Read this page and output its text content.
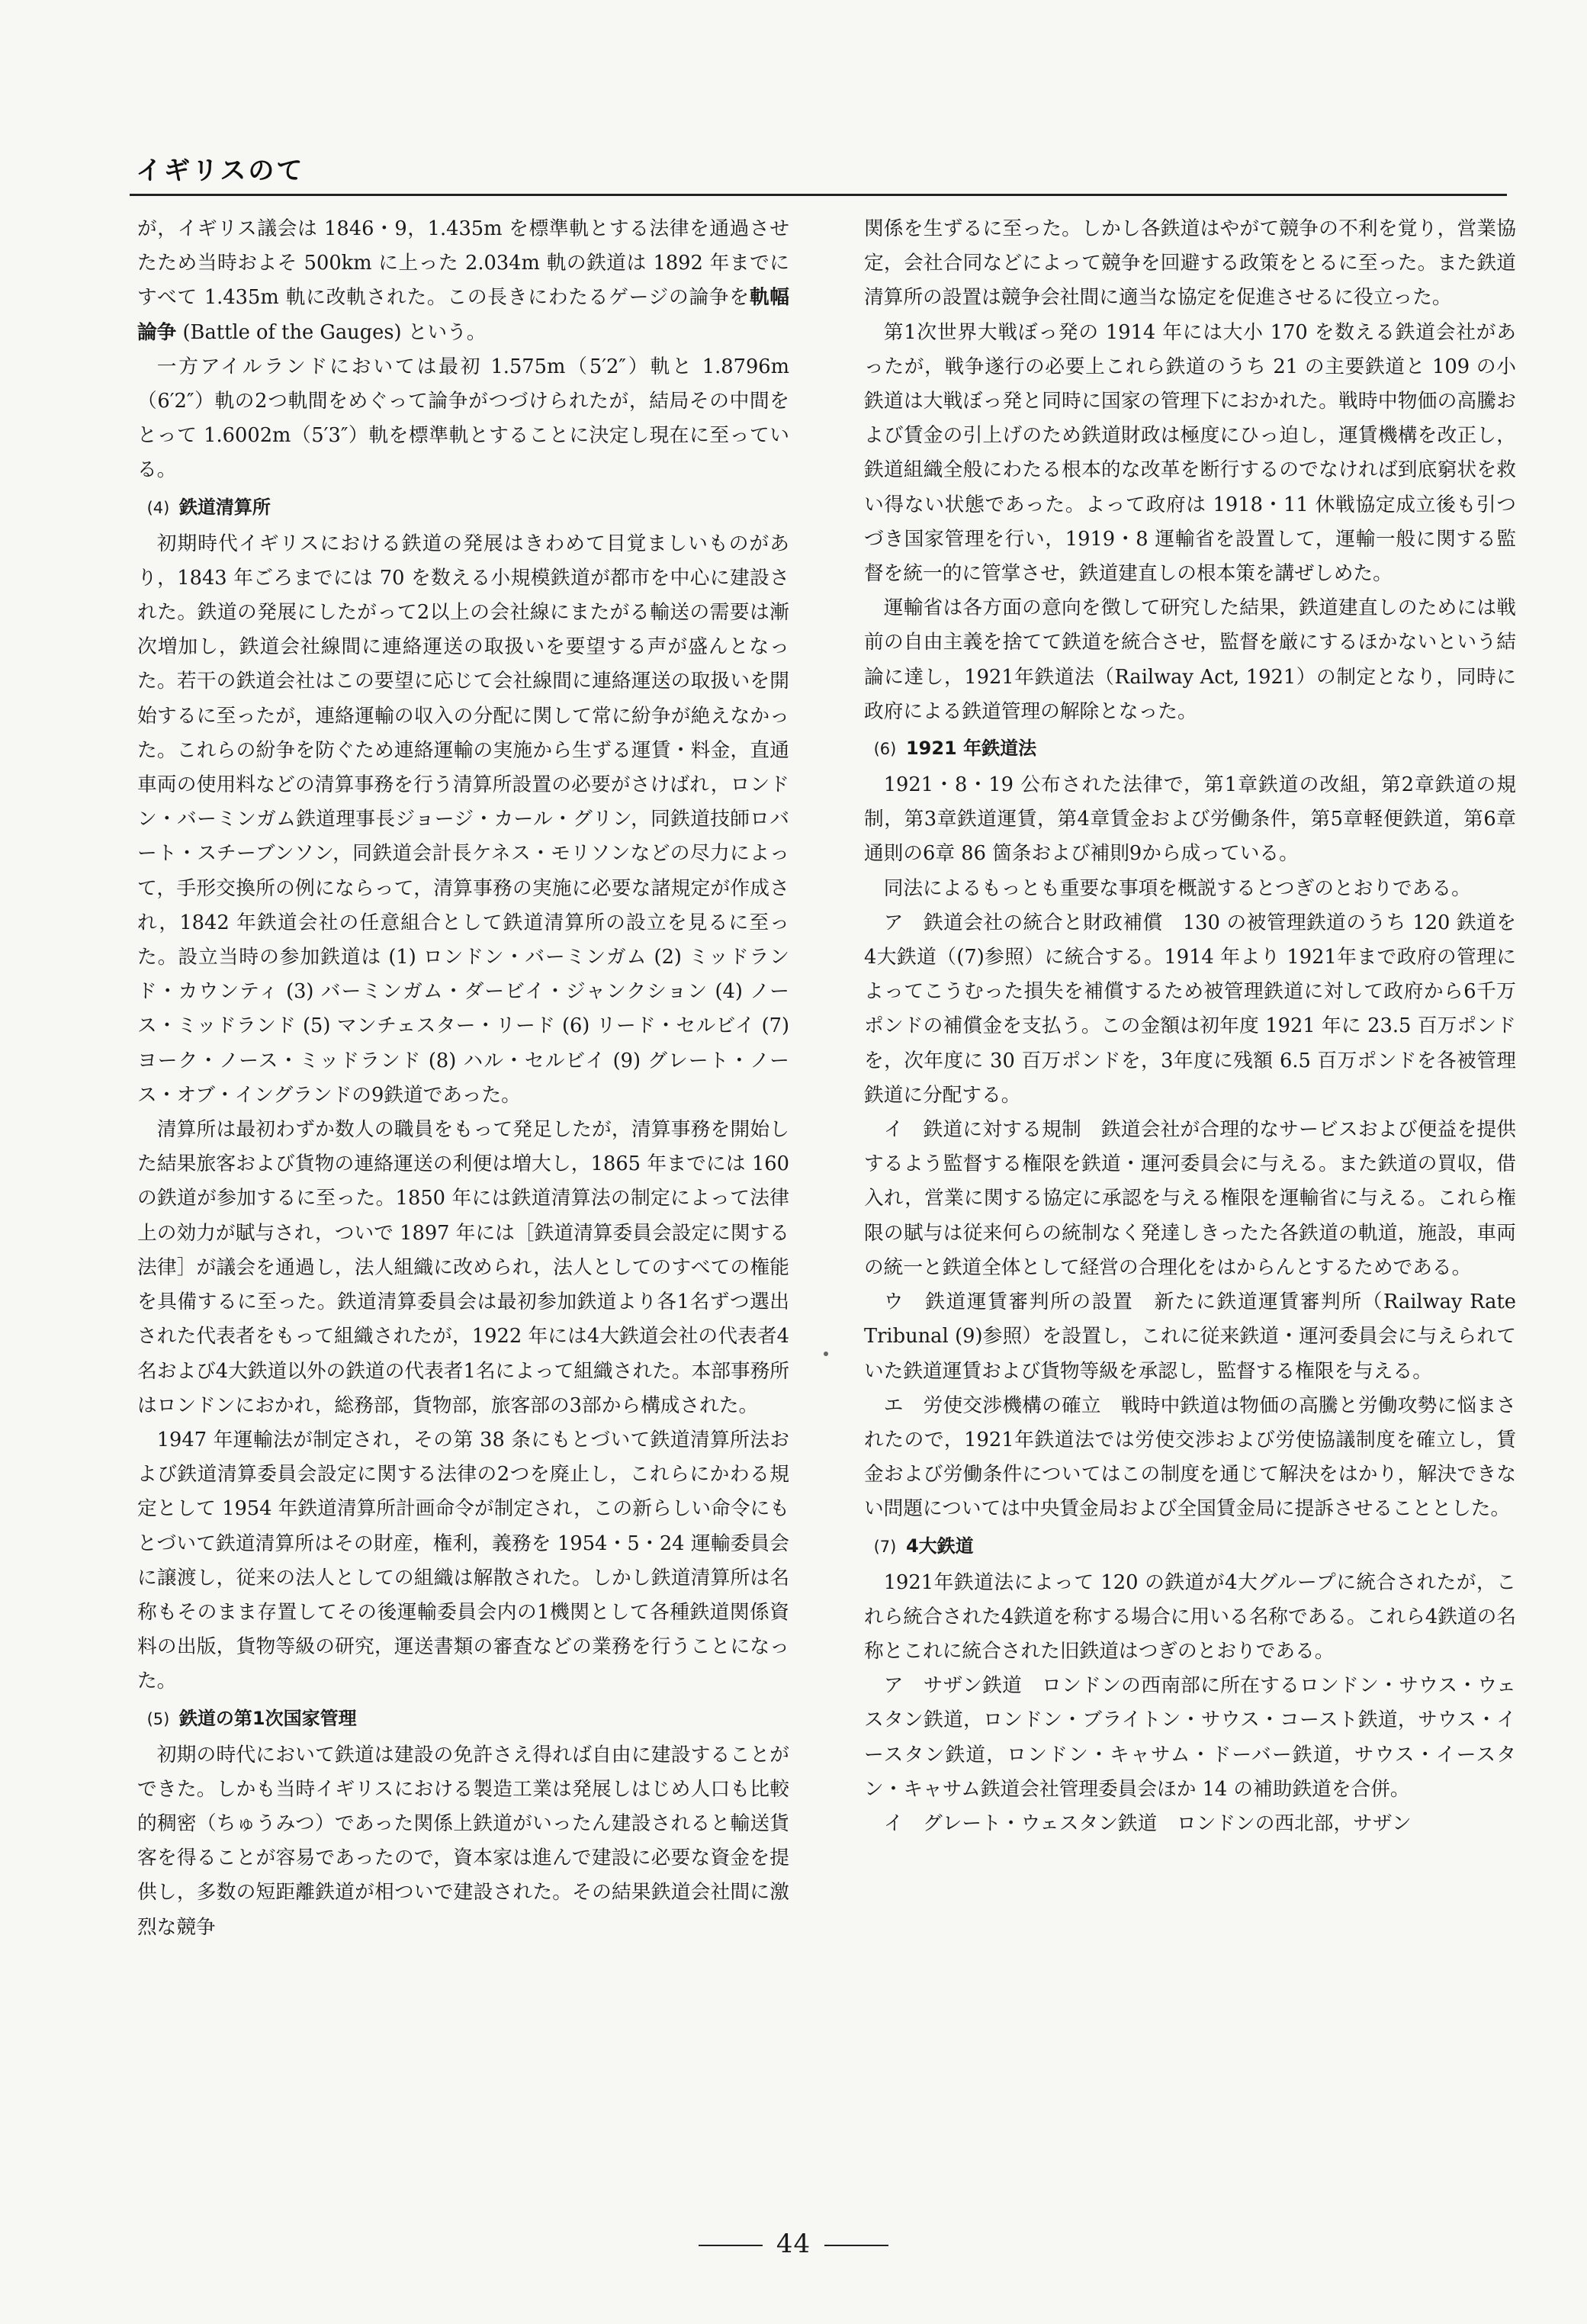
イギリスのて

が，イギリス議会は 1846・9，1.435m を標準軌とする法律を通過させたため当時およそ 500km に上った 2.034m 軌の鉄道は 1892 年までにすべて 1.435m 軌に改軌された。この長きにわたるゲージの論争を軌幅論争 (Battle of the Gauges) という。

一方アイルランドにおいては最初 1.575m（5′2″）軌と 1.8796m（6′2″）軌の2つ軌間をめぐって論争がつづけられたが，結局その中間をとって 1.6002m（5′3″）軌を標準軌とすることに決定し現在に至っている。

(4) 鉄道清算所

初期時代イギリスにおける鉄道の発展はきわめて目覚ましいものがあり，1843 年ごろまでには 70 を数える小規模鉄道が都市を中心に建設された。鉄道の発展にしたがって2以上の会社線にまたがる輸送の需要は漸次増加し，鉄道会社線間に連絡運送の取扱いを要望する声が盛んとなった。若干の鉄道会社はこの要望に応じて会社線間に連絡運送の取扱いを開始するに至ったが，連絡運輸の収入の分配に関して常に紛争が絶えなかった。これらの紛争を防ぐため連絡運輸の実施から生ずる運賃・料金，直通車両の使用料などの清算事務を行う清算所設置の必要がさけばれ，ロンドン・バーミンガム鉄道理事長ジョージ・カール・グリン，同鉄道技師ロバート・スチーブンソン，同鉄道会計長ケネス・モリソンなどの尽力によって，手形交換所の例にならって，清算事務の実施に必要な諸規定が作成され，1842 年鉄道会社の任意組合として鉄道清算所の設立を見るに至った。設立当時の参加鉄道は (1) ロンドン・バーミンガム (2) ミッドランド・カウンティ (3) バーミンガム・ダービイ・ジャンクション (4) ノース・ミッドランド (5) マンチェスター・リード (6) リード・セルビイ (7) ヨーク・ノース・ミッドランド (8) ハル・セルビイ (9) グレート・ノース・オブ・イングランドの9鉄道であった。

清算所は最初わずか数人の職員をもって発足したが，清算事務を開始した結果旅客および貨物の連絡運送の利便は増大し，1865 年までには 160 の鉄道が参加するに至った。1850 年には鉄道清算法の制定によって法律上の効力が賦与され，ついで 1897 年には［鉄道清算委員会設定に関する法律］が議会を通過し，法人組織に改められ，法人としてのすべての権能を具備するに至った。鉄道清算委員会は最初参加鉄道より各1名ずつ選出された代表者をもって組織されたが，1922 年には4大鉄道会社の代表者4名および4大鉄道以外の鉄道の代表者1名によって組織された。本部事務所はロンドンにおかれ，総務部，貨物部，旅客部の3部から構成された。

1947 年運輸法が制定され，その第 38 条にもとづいて鉄道清算所法および鉄道清算委員会設定に関する法律の2つを廃止し，これらにかわる規定として 1954 年鉄道清算所計画命令が制定され，この新らしい命令にもとづいて鉄道清算所はその財産，権利，義務を 1954・5・24 運輸委員会に譲渡し，従来の法人としての組織は解散された。しかし鉄道清算所は名称もそのまま存置してその後運輸委員会内の1機関として各種鉄道関係資料の出版，貨物等級の研究，運送書類の審査などの業務を行うことになった。

(5) 鉄道の第1次国家管理

初期の時代において鉄道は建設の免許さえ得れば自由に建設することができた。しかも当時イギリスにおける製造工業は発展しはじめ人口も比較的稠密（ちゅうみつ）であった関係上鉄道がいったん建設されると輸送貨客を得ることが容易であったので，資本家は進んで建設に必要な資金を提供し，多数の短距離鉄道が相ついで建設された。その結果鉄道会社間に激烈な競争

関係を生ずるに至った。しかし各鉄道はやがて競争の不利を覚り，営業協定，会社合同などによって競争を回避する政策をとるに至った。また鉄道清算所の設置は競争会社間に適当な協定を促進させるに役立った。

第1次世界大戦ぼっ発の 1914 年には大小 170 を数える鉄道会社があったが，戦争遂行の必要上これら鉄道のうち 21 の主要鉄道と 109 の小鉄道は大戦ぼっ発と同時に国家の管理下におかれた。戦時中物価の高騰および賃金の引上げのため鉄道財政は極度にひっ迫し，運賃機構を改正し，鉄道組織全般にわたる根本的な改革を断行するのでなければ到底窮状を救い得ない状態であった。よって政府は 1918・11 休戦協定成立後も引つづき国家管理を行い，1919・8 運輸省を設置して，運輸一般に関する監督を統一的に管掌させ，鉄道建直しの根本策を講ぜしめた。

運輸省は各方面の意向を徴して研究した結果，鉄道建直しのためには戦前の自由主義を捨てて鉄道を統合させ，監督を厳にするほかないという結論に達し，1921年鉄道法（Railway Act, 1921）の制定となり，同時に政府による鉄道管理の解除となった。

(6) 1921 年鉄道法

1921・8・19 公布された法律で，第1章鉄道の改組，第2章鉄道の規制，第3章鉄道運賃，第4章賃金および労働条件，第5章軽便鉄道，第6章通則の6章 86 箇条および補則9から成っている。

同法によるもっとも重要な事項を概説するとつぎのとおりである。

ア　鉄道会社の統合と財政補償　130 の被管理鉄道のうち 120 鉄道を4大鉄道（(7)参照）に統合する。1914 年より 1921年まで政府の管理によってこうむった損失を補償するため被管理鉄道に対して政府から6千万ポンドの補償金を支払う。この金額は初年度 1921 年に 23.5 百万ポンドを，次年度に 30 百万ポンドを，3年度に残額 6.5 百万ポンドを各被管理鉄道に分配する。

イ　鉄道に対する規制　鉄道会社が合理的なサービスおよび便益を提供するよう監督する権限を鉄道・運河委員会に与える。また鉄道の買収，借入れ，営業に関する協定に承認を与える権限を運輸省に与える。これら権限の賦与は従来何らの統制なく発達しきったた各鉄道の軌道，施設，車両の統一と鉄道全体として経営の合理化をはからんとするためである。

ウ　鉄道運賃審判所の設置　新たに鉄道運賃審判所（Railway Rate Tribunal (9)参照）を設置し，これに従来鉄道・運河委員会に与えられていた鉄道運賃および貨物等級を承認し，監督する権限を与える。

エ　労使交渉機構の確立　戦時中鉄道は物価の高騰と労働攻勢に悩まされたので，1921年鉄道法では労使交渉および労使協議制度を確立し，賃金および労働条件についてはこの制度を通じて解決をはかり，解決できない問題については中央賃金局および全国賃金局に提訴させることとした。

(7) 4大鉄道

1921年鉄道法によって 120 の鉄道が4大グループに統合されたが，これら統合された4鉄道を称する場合に用いる名称である。これら4鉄道の名称とこれに統合された旧鉄道はつぎのとおりである。

ア　サザン鉄道　ロンドンの西南部に所在するロンドン・サウス・ウェスタン鉄道，ロンドン・ブライトン・サウス・コースト鉄道，サウス・イースタン鉄道，ロンドン・キャサム・ドーバー鉄道，サウス・イースタン・キャサム鉄道会社管理委員会ほか 14 の補助鉄道を合併。

イ　グレート・ウェスタン鉄道　ロンドンの西北部，サザン

44
